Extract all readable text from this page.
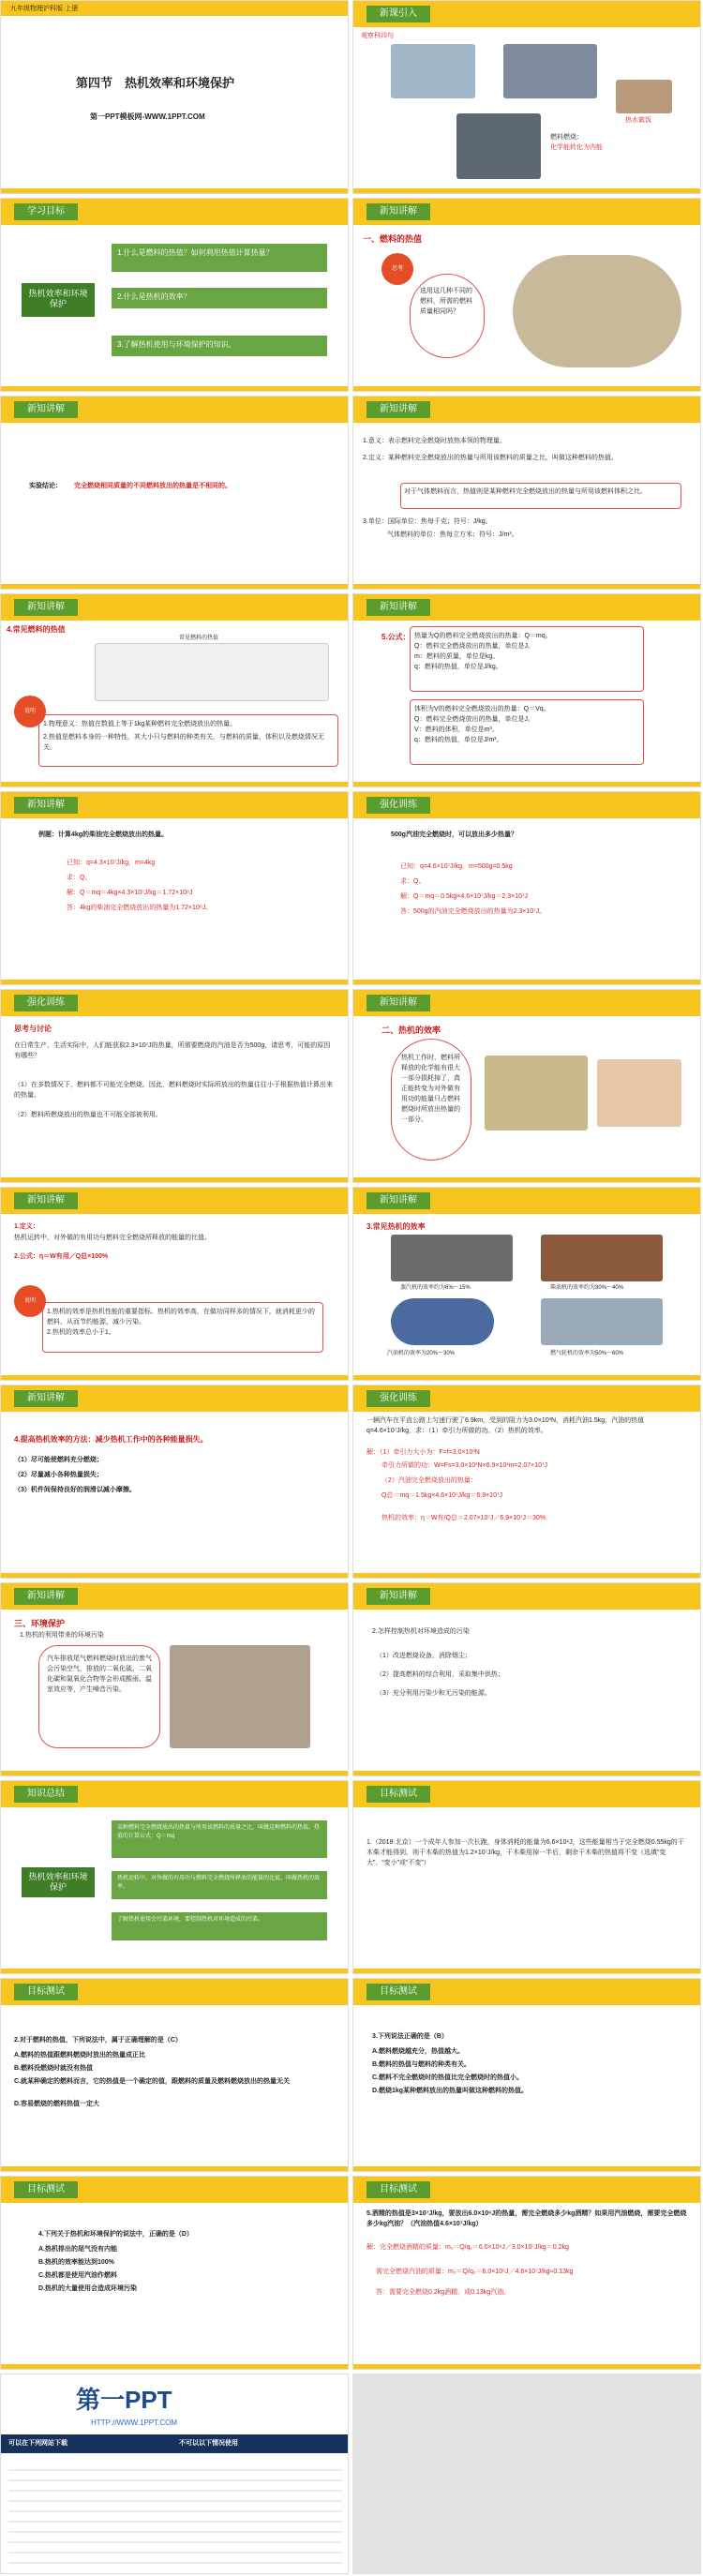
九年级物理沪科版·上册
第四节　热机效率和环境保护
第一PPT模板网-WWW.1PPT.COM
新课引入
观察科四句
燃料燃烧：
化学能转化为内能
热水做饭
学习目标
热机效率和环境保护
1.什么是燃料的热值？如何利用热值计算热量？
2.什么是热机的效率？
3.了解热机使用与环境保护的知识。
新知讲解
一、燃料的热值
思考
选用这几种不同的燃料，所需的燃料质量相同吗？
新知讲解
实验结论： 完全燃烧相同质量的不同燃料放出的热量是不相同的。
新知讲解
1.意义：表示燃料完全燃烧时放热本领的物理量。
2.定义：某种燃料完全燃烧放出的热量与所用该燃料的质量之比，叫做这种燃料的热值。
对于气体燃料而言，热值则是某种燃料完全燃烧放出的热量与所用该燃料体积之比。
3.单位：国际单位：焦每千克；符号：J/kg。
气体燃料的单位：焦每立方米；符号：J/m³。
新知讲解
4.常见燃料的热值
常见燃料的热值
说明
1.物理意义：热值在数值上等于1kg某种燃料完全燃烧放出的热量。
2.热值是燃料本身的一种特性，其大小只与燃料的种类有关，与燃料的质量、体积以及燃烧情况无关。
新知讲解
5.公式： 热量为Q的燃料完全燃烧放出的热量：Q＝mq。
Q：燃料完全燃烧放出的热量，单位是J。
m：燃料的质量，单位是kg。
q：燃料的热值，单位是J/kg。
体积为V的燃料完全燃烧放出的热量：Q＝Vq。
Q：燃料完全燃烧放出的热量，单位是J。
V：燃料的体积，单位是m³。
q：燃料的热值，单位是J/m³。
新知讲解
例题：计算4kg的柴油完全燃烧放出的热量。
已知：q=4.3×10⁷J/kg，m=4kg
求：Q。
解：Q＝mq＝4kg×4.3×10⁷J/kg＝1.72×10⁸J
答：4kg的柴油完全燃烧放出的热量为1.72×10⁸J。
强化训练
500g汽油完全燃烧时，可以放出多少热量？
已知：q=4.6×10⁷J/kg，m=500g=0.5kg
求：Q。
解：Q＝mq＝0.5kg×4.6×10⁷J/kg＝2.3×10⁷J
答：500g的汽油完全燃烧放出的热量为2.3×10⁷J。
强化训练
思考与讨论
在日常生产、生活实际中，人们能获取2.3×10⁷J的热量，所需要燃烧的汽油是否为500g，请思考，可能的原因有哪些？
（1）在多数情况下，燃料都不可能完全燃烧。因此，燃料燃烧时实际所放出的热量往往小于根据热值计算出来的热量。
（2）燃料所燃烧放出的热量也不可能全部被利用。
新知讲解
二、热机的效率
热机工作时，燃料所释放的化学能有很大一部分损耗掉了，真正能转变为对外做有用功的能量只占燃料燃烧时所放出热量的一部分。
新知讲解
1.定义：
热机运转中，对外做的有用功与燃料完全燃烧所释放的能量的比值。
2.公式：η＝W有用／Q总×100%
说明
1.热机的效率是热机性能的重要指标。热机的效率高，在做功同样多的情况下，就消耗更少的燃料，从而节约能源，减少污染。
2.热机的效率总小于1。
新知讲解
3.常见热机的效率
蒸汽机的效率约为6%～15%	柴油机的效率约为30%～40%
汽油机的效率为20%～30%	燃气轮机的效率为50%～60%
新知讲解
4.提高热机效率的方法：减少热机工作中的各种能量损失。
（1）尽可能使燃料充分燃烧；
（2）尽量减小各种热量损失；
（3）机件间保持良好的润滑以减小摩擦。
强化训练
一辆汽车在平直公路上匀速行驶了6.9km，受到的阻力为3.0×10³N，消耗汽油1.5kg，汽油的热值q=4.6×10⁷J/kg，求：（1）牵引力所做的功。（2）热机的效率。
解：（1）牵引力大小为：F=f=3.0×10³N
牵引力所做的功：W=Fs=3.0×10³N×6.9×10³m=2.07×10⁷J
（2）汽油完全燃烧放出的热量：
Q总＝mq＝1.5kg×4.6×10⁷J/kg＝6.9×10⁷J
热机的效率：η＝W有/Q总＝2.07×10⁷J／6.9×10⁷J＝30%
新知讲解
三、环境保护
1.热机的利用带来的环境污染
汽车排放尾气燃料燃烧时放出的废气会污染空气，排放的二氧化硫、二氧化碳和氮氧化合物等会形成酸雨、温室效应等，产生噪音污染。
新知讲解
2.怎样控制热机对环境造成的污染
（1）改进燃烧设备，消除烟尘；
（2）提高燃料的综合利用，采取集中供热；
（3）充分利用污染少和无污染的能源。
知识总结
热机效率和环境保护
某种燃料完全燃烧放出的热量与所用该燃料的质量之比，叫做这种燃料的热值。热值的计算公式：Q＝mq
热机运转中，对外做的有用功与燃料完全燃烧所释放的能量的比值，叫做热机的效率。
了解热机使用会污染环境，要控制热机对环境造成的污染。
目标测试
1.（2018·北京）一个成年人参加一次长跑，身体消耗的能量为6.6×10⁶J，这些能量相当于完全燃烧0.55kg的干木柴才能得到，则干木柴的热值为1.2×10⁷J/kg，干木柴用掉一半后，剩余干木柴的热值将不变（选填“变大”、“变小”或“不变”）
目标测试
2.对于燃料的热值，下列说法中，属于正确理解的是（C）
A.燃料的热值跟燃料燃烧时放出的热量成正比
B.燃料没燃烧时就没有热值
C.就某种确定的燃料而言，它的热值是一个确定的值，跟燃料的质量及燃料燃烧放出的热量无关
D.容易燃烧的燃料热值一定大
目标测试
3.下列说法正确的是（B）
A.燃料燃烧越充分，热值越大。
B.燃料的热值与燃料的种类有关。
C.燃料不完全燃烧时的热值比完全燃烧时的热值小。
D.燃烧1kg某种燃料放出的热量叫做这种燃料的热值。
目标测试
4.下列关于热机和环境保护的说法中，正确的是（D）
A.热机排出的尾气没有内能
B.热机的效率能达到100%
C.热机都是使用汽油作燃料
D.热机的大量使用会造成环境污染
目标测试
5.酒精的热值是3×10⁷J/kg，要放出6.0×10⁶J的热量，需完全燃烧多少kg酒精？如果用汽油燃烧，需要完全燃烧多少kg汽油？（汽油热值4.6×10⁷J/kg）
解：完全燃烧酒精的质量：m₁＝Q/q₁＝6.0×10⁶J／3.0×10⁷J/kg＝0.2kg
需完全燃烧汽油的质量：m₂＝Q/q₂＝6.0×10⁶J／4.6×10⁷J/kg≈0.13kg
答：需要完全燃烧0.2kg酒精，或0.13kg汽油。
第一PPT
HTTP://WWW.1PPT.COM
可以在下列网站下载	不可以以下情况使用
